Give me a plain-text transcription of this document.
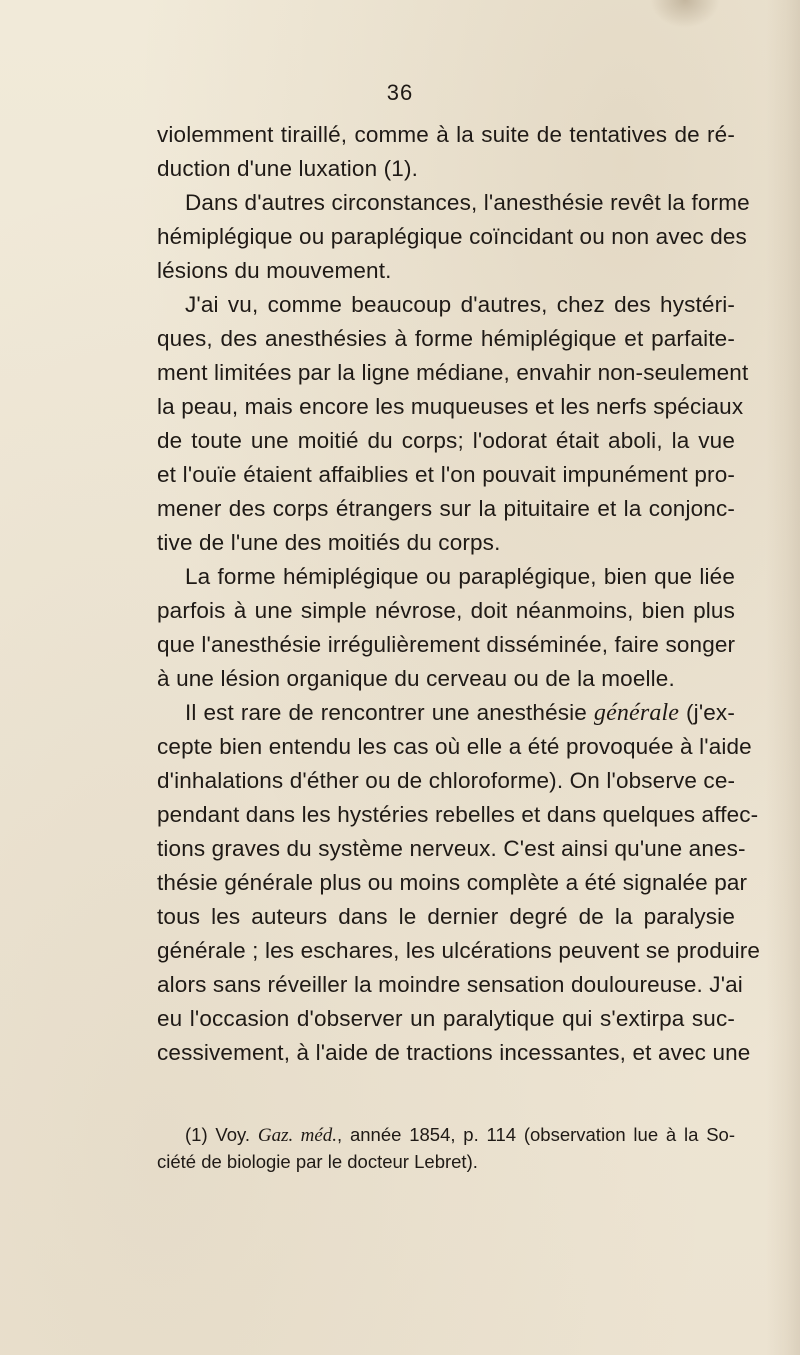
36
violemment tiraillé, comme à la suite de tentatives de ré-
duction d'une luxation (1).
Dans d'autres circonstances, l'anesthésie revêt la forme
hémiplégique ou paraplégique coïncidant ou non avec des
lésions du mouvement.
J'ai vu, comme beaucoup d'autres, chez des hystéri-
ques, des anesthésies à forme hémiplégique et parfaite-
ment limitées par la ligne médiane, envahir non-seulement
la peau, mais encore les muqueuses et les nerfs spéciaux
de toute une moitié du corps; l'odorat était aboli, la vue
et l'ouïe étaient affaiblies et l'on pouvait impunément pro-
mener des corps étrangers sur la pituitaire et la conjonc-
tive de l'une des moitiés du corps.
La forme hémiplégique ou paraplégique, bien que liée
parfois à une simple névrose, doit néanmoins, bien plus
que l'anesthésie irrégulièrement disséminée, faire songer
à une lésion organique du cerveau ou de la moelle.
Il est rare de rencontrer une anesthésie générale (j'ex-
cepte bien entendu les cas où elle a été provoquée à l'aide
d'inhalations d'éther ou de chloroforme). On l'observe ce-
pendant dans les hystéries rebelles et dans quelques affec-
tions graves du système nerveux. C'est ainsi qu'une anes-
thésie générale plus ou moins complète a été signalée par
tous les auteurs dans le dernier degré de la paralysie
générale ; les eschares, les ulcérations peuvent se produire
alors sans réveiller la moindre sensation douloureuse. J'ai
eu l'occasion d'observer un paralytique qui s'extirpa suc-
cessivement, à l'aide de tractions incessantes, et avec une
(1) Voy. Gaz. méd., année 1854, p. 114 (observation lue à la So-
ciété de biologie par le docteur Lebret).
